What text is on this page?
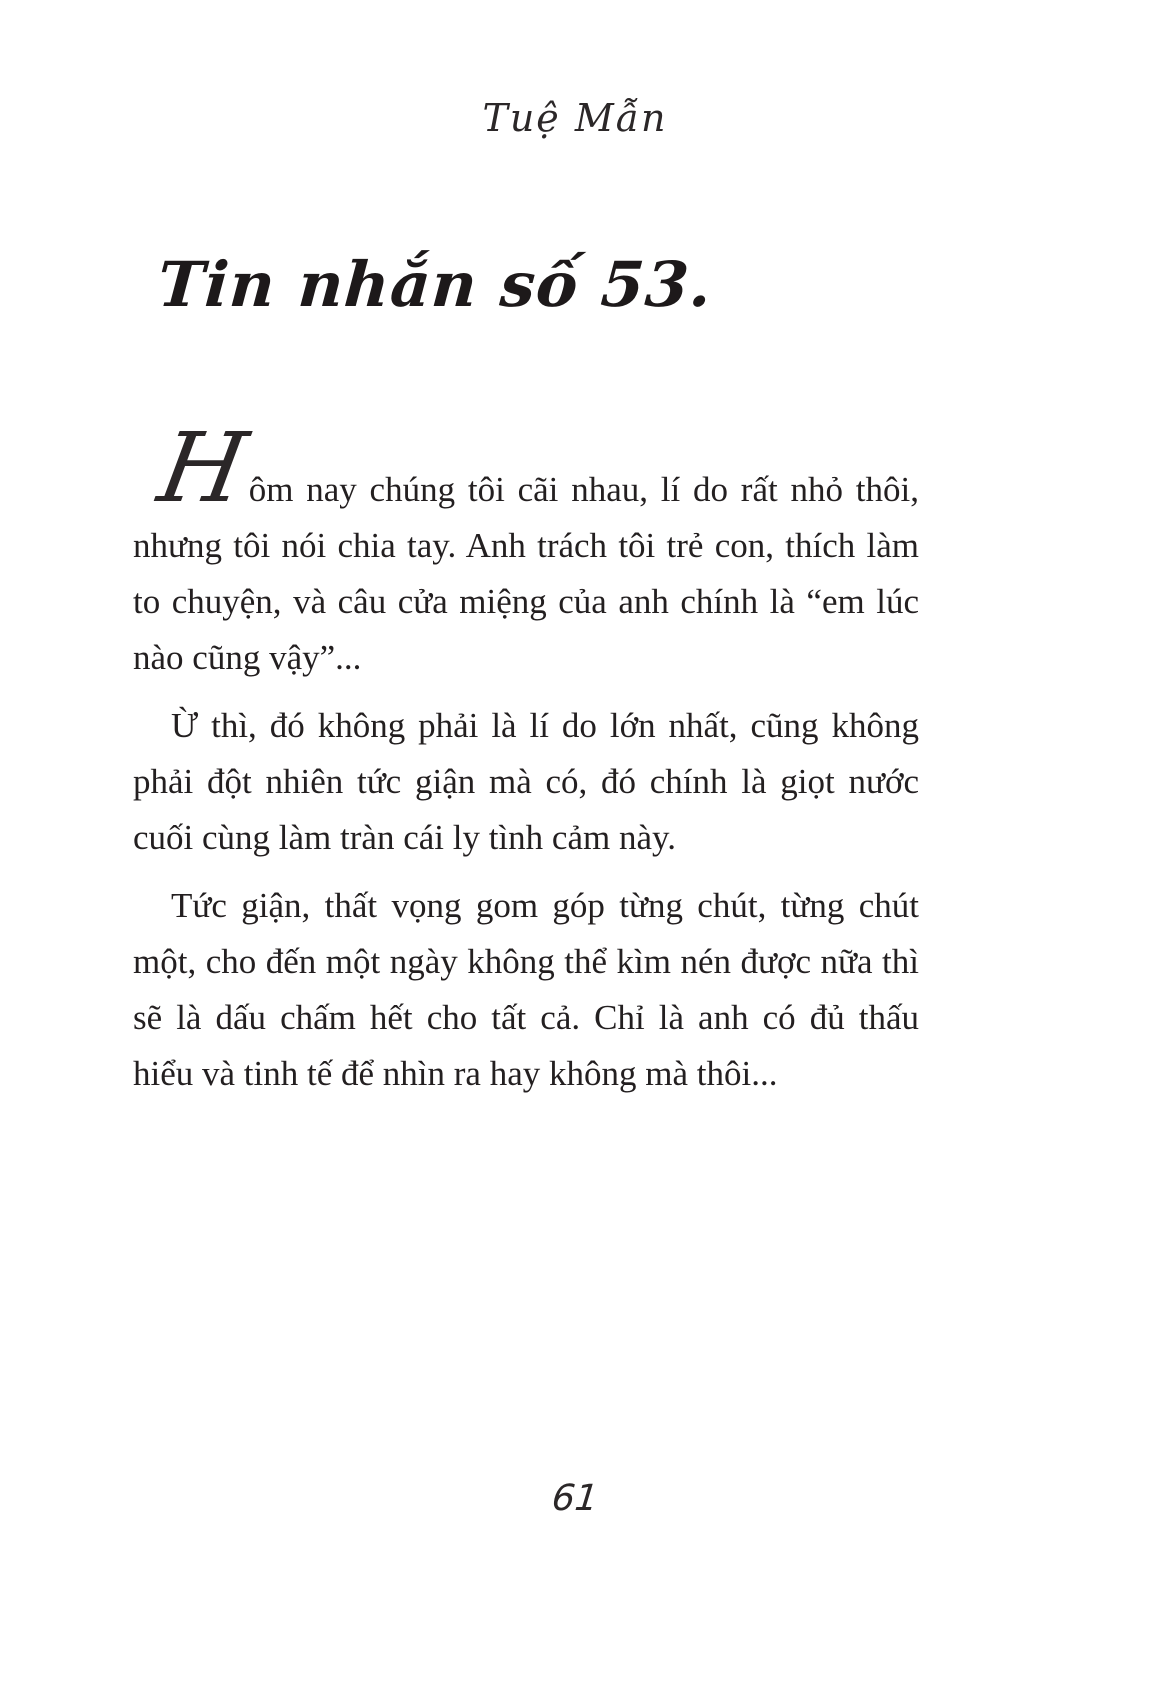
Tuệ Mẫn
Tin nhắn số 53.

Hôm nay chúng tôi cãi nhau, lí do rất nhỏ thôi, nhưng tôi nói chia tay. Anh trách tôi trẻ con, thích làm to chuyện, và câu cửa miệng của anh chính là “em lúc nào cũng vậy”...

Ừ thì, đó không phải là lí do lớn nhất, cũng không phải đột nhiên tức giận mà có, đó chính là giọt nước cuối cùng làm tràn cái ly tình cảm này.

Tức giận, thất vọng gom góp từng chút, từng chút một, cho đến một ngày không thể kìm nén được nữa thì sẽ là dấu chấm hết cho tất cả. Chỉ là anh có đủ thấu hiểu và tinh tế để nhìn ra hay không mà thôi...

61
